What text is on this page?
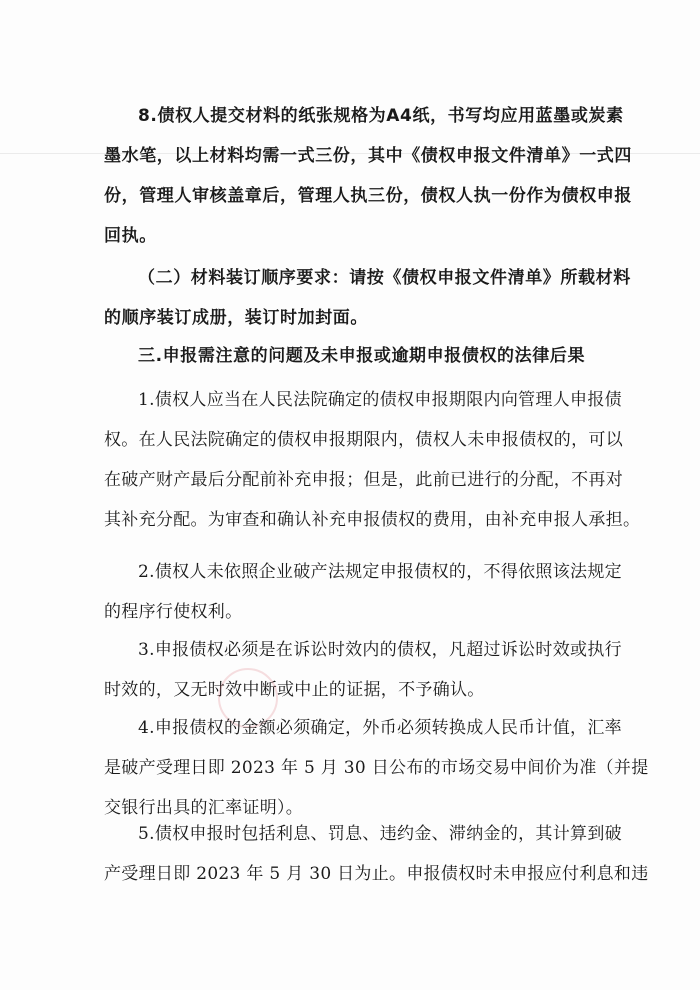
8.债权人提交材料的纸张规格为A4纸，书写均应用蓝墨或炭素
墨水笔，以上材料均需一式三份，其中《债权申报文件清单》一式四
份，管理人审核盖章后，管理人执三份，债权人执一份作为债权申报
回执。
（二）材料装订顺序要求：请按《债权申报文件清单》所载材料
的顺序装订成册，装订时加封面。

三.申报需注意的问题及未申报或逾期申报债权的法律后果

1.债权人应当在人民法院确定的债权申报期限内向管理人申报债
权。在人民法院确定的债权申报期限内，债权人未申报债权的，可以
在破产财产最后分配前补充申报；但是，此前已进行的分配，不再对
其补充分配。为审查和确认补充申报债权的费用，由补充申报人承担。
2.债权人未依照企业破产法规定申报债权的，不得依照该法规定
的程序行使权利。
3.申报债权必须是在诉讼时效内的债权，凡超过诉讼时效或执行
时效的，又无时效中断或中止的证据，不予确认。
4.申报债权的金额必须确定，外币必须转换成人民币计值，汇率
是破产受理日即 2023 年 5 月 30 日公布的市场交易中间价为准（并提
交银行出具的汇率证明）。
5.债权申报时包括利息、罚息、违约金、滞纳金的，其计算到破
产受理日即 2023 年 5 月 30 日为止。申报债权时未申报应付利息和违
